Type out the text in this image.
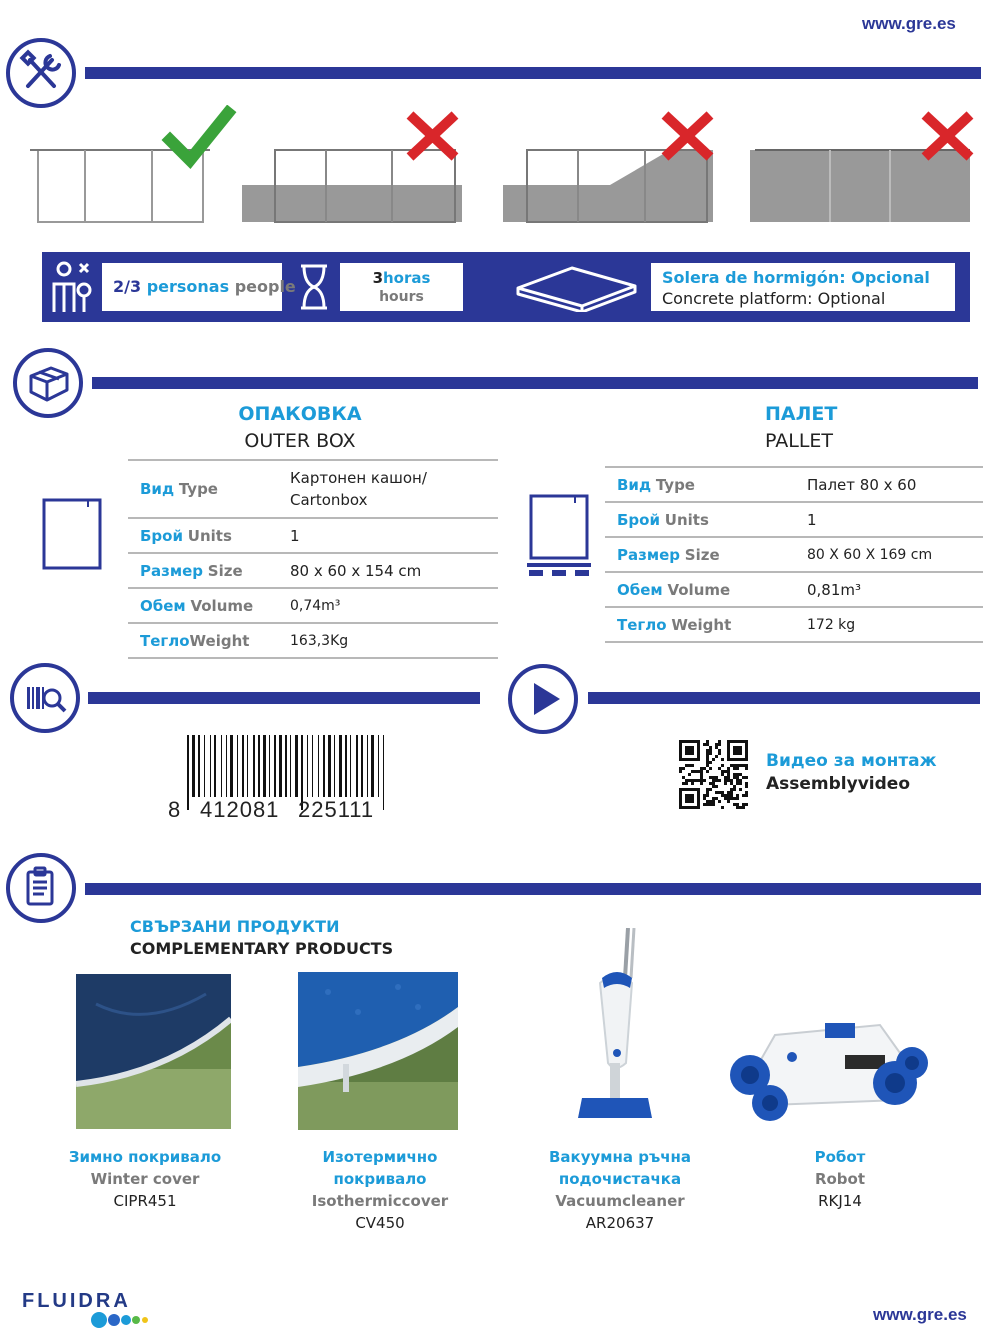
www.gre.es
2/3 personas people	3horas
hours
Solera de hormigón: Opcional
Concrete platform: Optional
ОПАКОВКА
OUTER BOX
Вид Type	Картонен кашон/ Cartonbox
Брой Units	1
Размер Size	80 x 60 x 154 cm
Обем Volume	0,74m³
ТеглоWeight	163,3Kg
ПАЛЕТ
PALLET
Вид Type	Палет 80 x 60
Брой Units	1
Размер Size	80 X 60 X 169 cm
Обем Volume	0,81m³
Тегло Weight	172 kg
8 412081 225111
Видео за монтаж
Assemblyvideo
СВЪРЗАНИ ПРОДУКТИ
COMPLEMENTARY PRODUCTS
Зимно покривало
Winter cover
CIPR451
Изотермично покривало
Isothermiccover
CV450
Вакуумна ръчна подочистачка
Vacuumcleaner
AR20637
Робот
Robot
RKJ14
FLUIDRA
www.gre.es
